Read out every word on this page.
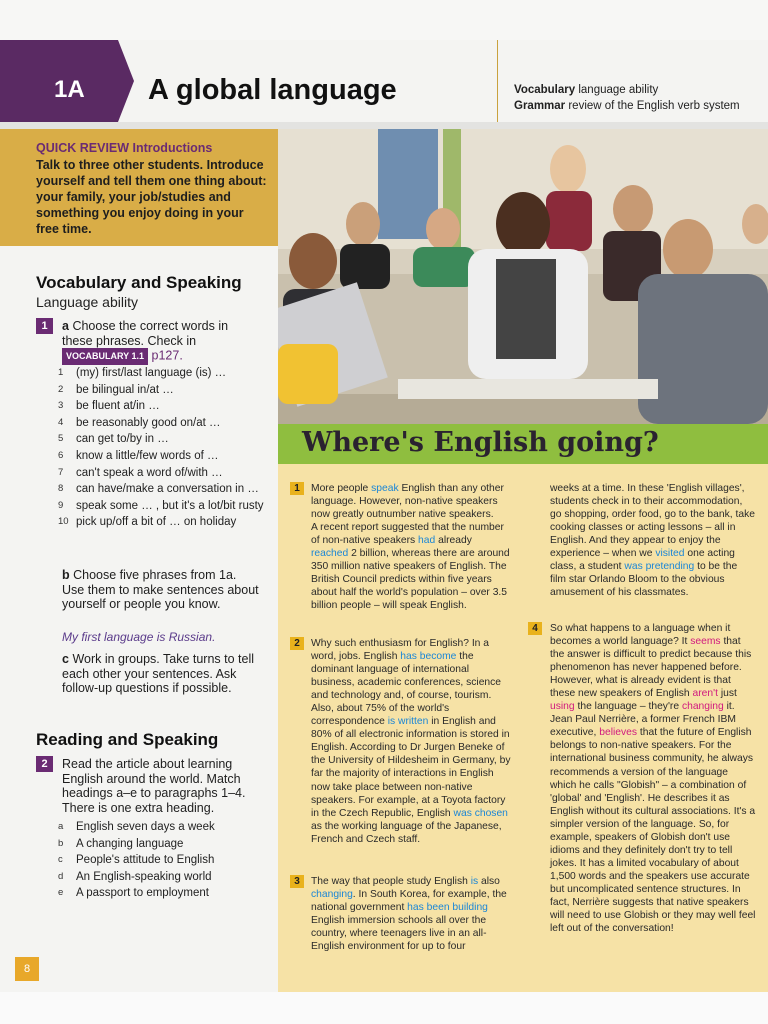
1A A global language	Vocabulary language ability
Grammar review of the English verb system
QUICK REVIEW Introductions
Talk to three other students. Introduce yourself and tell them one thing about: your family, your job/studies and something you enjoy doing in your free time.
Vocabulary and Speaking
Language ability
1	a Choose the correct words in these phrases. Check in VOCABULARY 1.1 p127.
1 (my) first/last language (is) …
2 be bilingual in/at …
3 be fluent at/in …
4 be reasonably good on/at …
5 can get to/by in …
6 know a little/few words of …
7 can't speak a word of/with …
8 can have/make a conversation in …
9 speak some … , but it's a lot/bit rusty
10 pick up/off a bit of … on holiday
b Choose five phrases from 1a. Use them to make sentences about yourself or people you know.
My first language is Russian.
c Work in groups. Take turns to tell each other your sentences. Ask follow-up questions if possible.
Reading and Speaking
2	Read the article about learning English around the world. Match headings a–e to paragraphs 1–4. There is one extra heading.
a English seven days a week
b A changing language
c People's attitude to English
d An English-speaking world
e A passport to employment
Where's English going?
1	More people speak English than any other language. However, non-native speakers now greatly outnumber native speakers.
A recent report suggested that the number of non-native speakers had already reached 2 billion, whereas there are around 350 million native speakers of English. The British Council predicts within five years about half the world's population – over 3.5 billion people – will speak English.
2	Why such enthusiasm for English? In a word, jobs. English has become the dominant language of international business, academic conferences, science and technology and, of course, tourism. Also, about 75% of the world's correspondence is written in English and 80% of all electronic information is stored in English. According to Dr Jurgen Beneke of the University of Hildesheim in Germany, by far the majority of interactions in English now take place between non-native speakers. For example, at a Toyota factory in the Czech Republic, English was chosen as the working language of the Japanese, French and Czech staff.
3	The way that people study English is also changing. In South Korea, for example, the national government has been building English immersion schools all over the country, where teenagers live in an all-English environment for up to four
weeks at a time. In these 'English villages', students check in to their accommodation, go shopping, order food, go to the bank, take cooking classes or acting lessons – all in English. And they appear to enjoy the experience – when we visited one acting class, a student was pretending to be the film star Orlando Bloom to the obvious amusement of his classmates.
4	So what happens to a language when it becomes a world language? It seems that the answer is difficult to predict because this phenomenon has never happened before. However, what is already evident is that these new speakers of English aren't just using the language – they're changing it. Jean Paul Nerrière, a former French IBM executive, believes that the future of English belongs to non-native speakers. For the international business community, he always recommends a version of the language which he calls "Globish" – a combination of 'global' and 'English'. He describes it as English without its cultural associations. It's a simpler version of the language. So, for example, speakers of Globish don't use idioms and they definitely don't try to tell jokes. It has a limited vocabulary of about 1,500 words and the speakers use accurate but uncomplicated sentence structures. In fact, Nerrière suggests that native speakers will need to use Globish or they may well feel left out of the conversation!
8
